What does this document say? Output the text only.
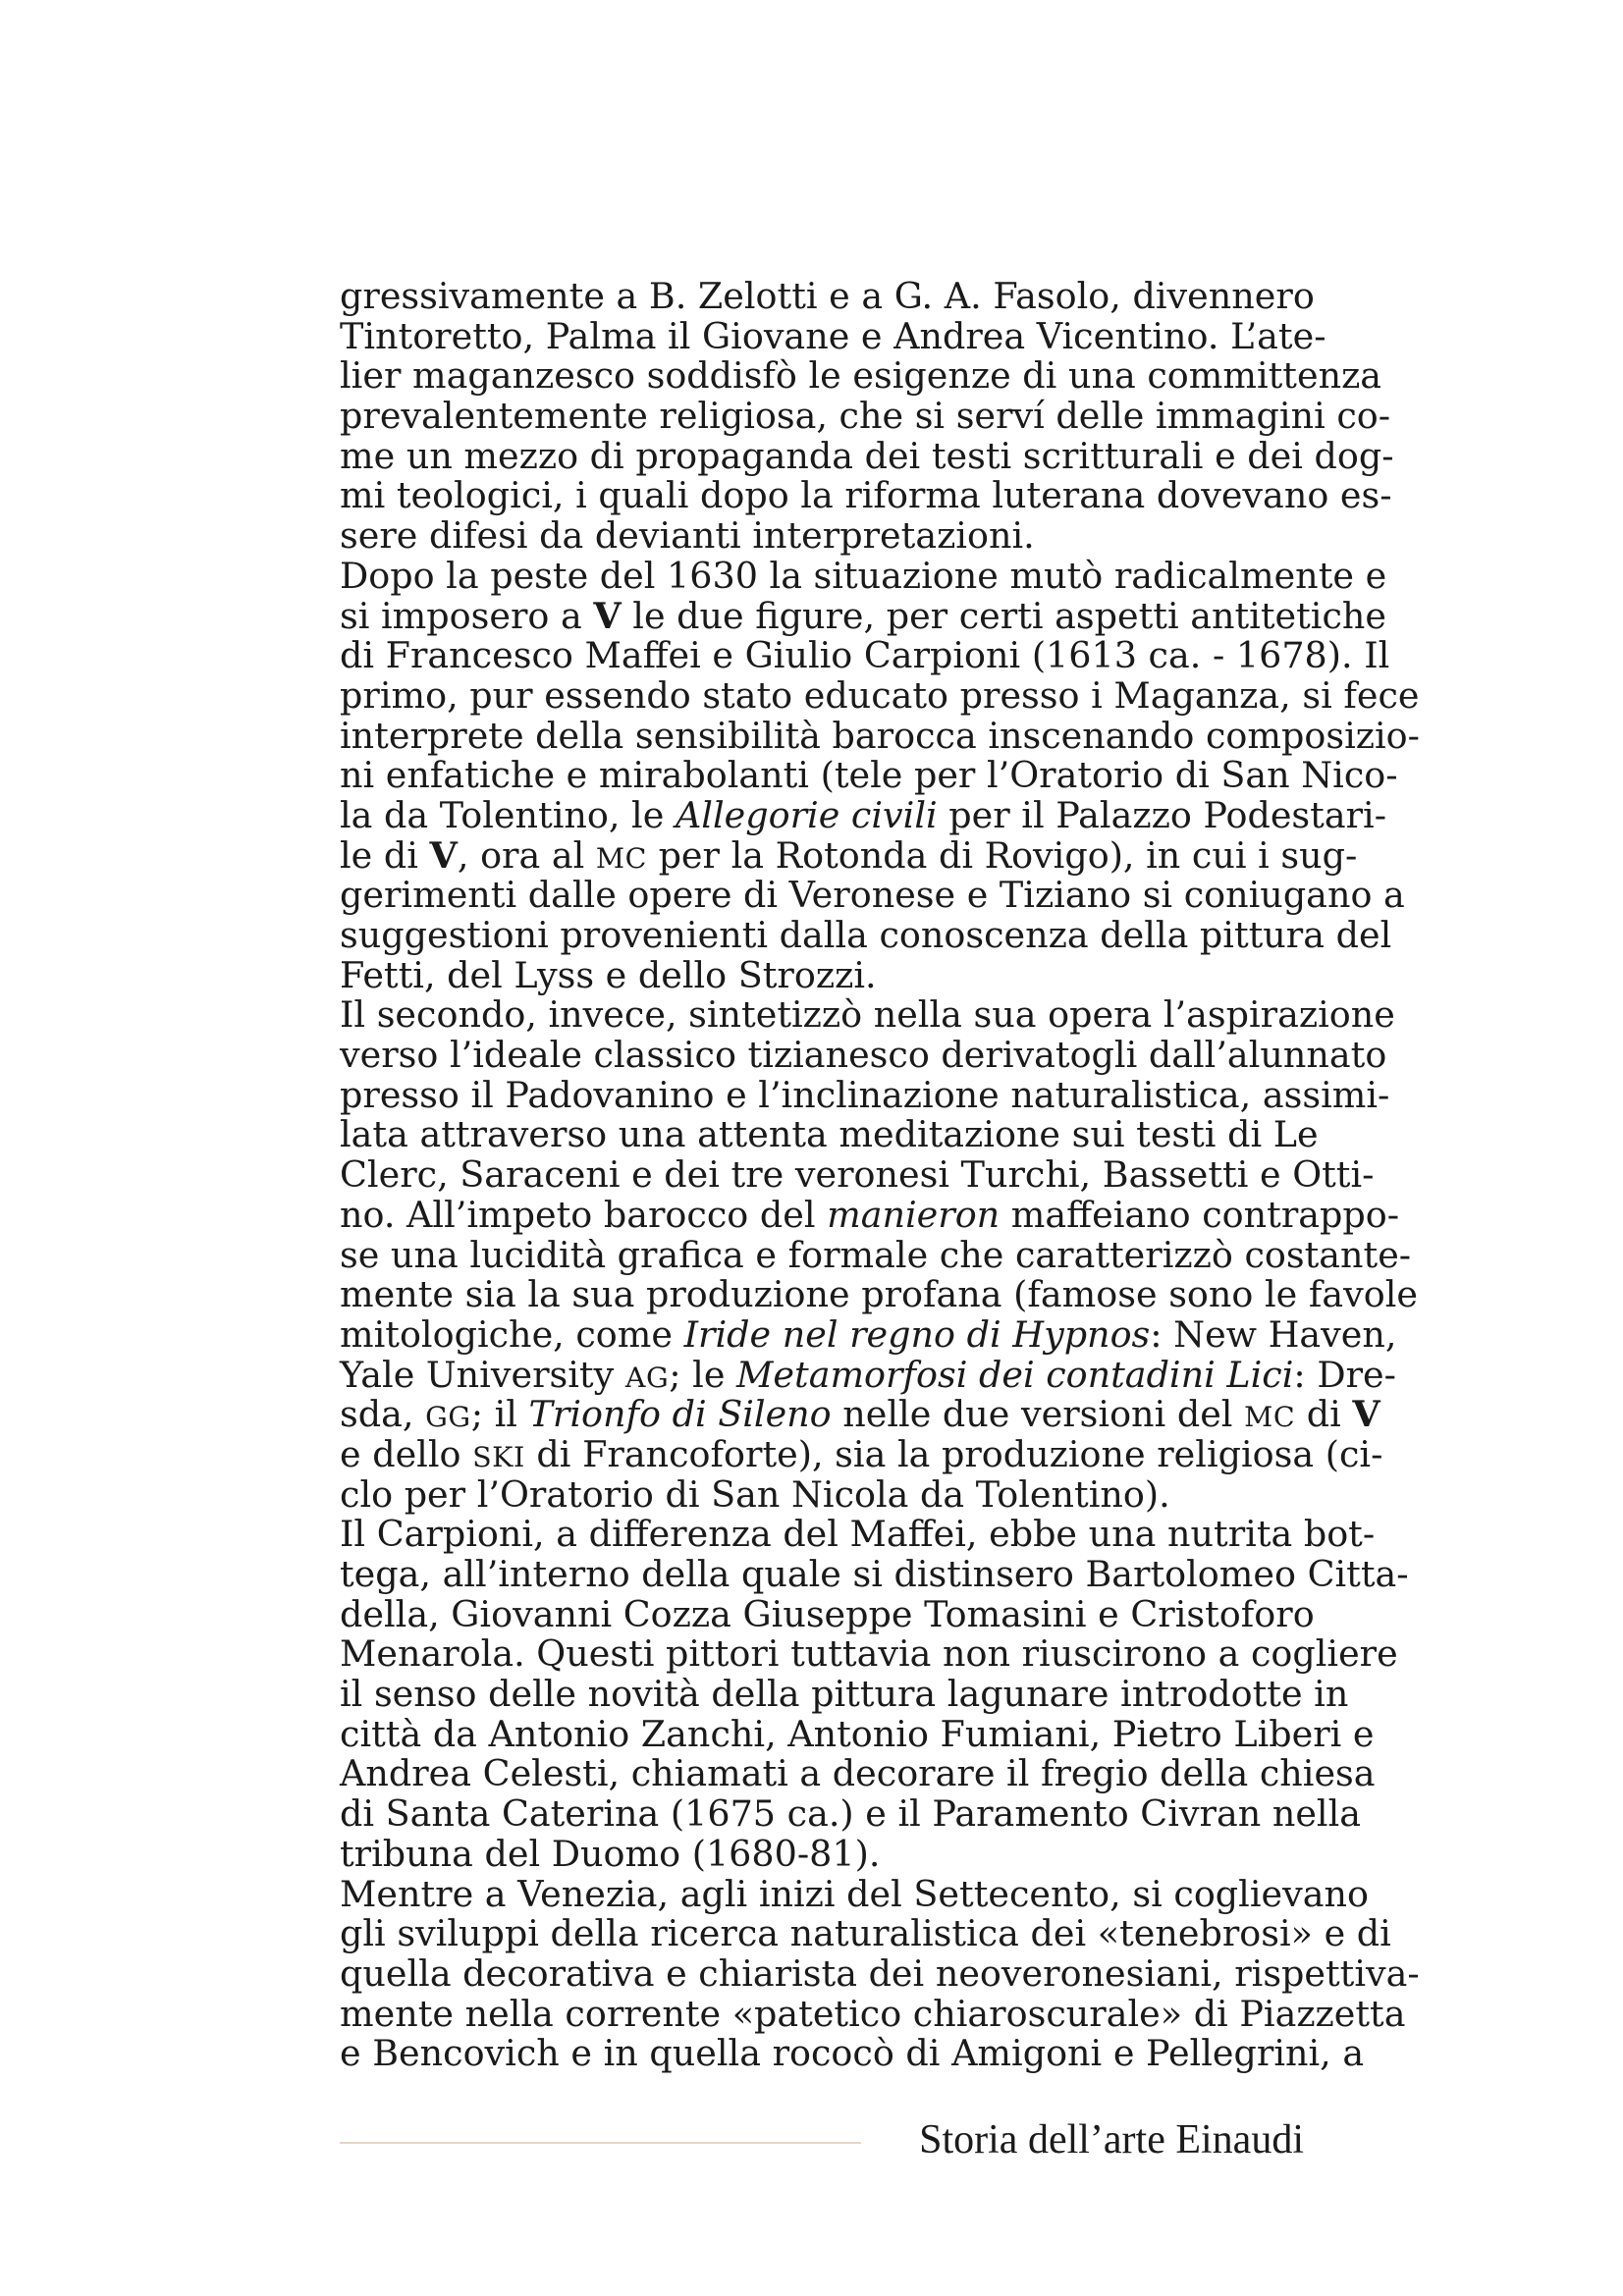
gressivamente a B. Zelotti e a G. A. Fasolo, divennero
Tintoretto, Palma il Giovane e Andrea Vicentino. L’ate-
lier maganzesco soddisfò le esigenze di una committenza
prevalentemente religiosa, che si serví delle immagini co-
me un mezzo di propaganda dei testi scritturali e dei dog-
mi teologici, i quali dopo la riforma luterana dovevano es-
sere difesi da devianti interpretazioni.
Dopo la peste del 1630 la situazione mutò radicalmente e
si imposero a V le due figure, per certi aspetti antitetiche
di Francesco Maffei e Giulio Carpioni (1613 ca. - 1678). Il
primo, pur essendo stato educato presso i Maganza, si fece
interprete della sensibilità barocca inscenando composizio-
ni enfatiche e mirabolanti (tele per l’Oratorio di San Nico-
la da Tolentino, le Allegorie civili per il Palazzo Podestari-
le di V, ora al MC per la Rotonda di Rovigo), in cui i sug-
gerimenti dalle opere di Veronese e Tiziano si coniugano a
suggestioni provenienti dalla conoscenza della pittura del
Fetti, del Lyss e dello Strozzi.
Il secondo, invece, sintetizzò nella sua opera l’aspirazione
verso l’ideale classico tizianesco derivatogli dall’alunnato
presso il Padovanino e l’inclinazione naturalistica, assimi-
lata attraverso una attenta meditazione sui testi di Le
Clerc, Saraceni e dei tre veronesi Turchi, Bassetti e Otti-
no. All’impeto barocco del manieron maffeiano contrappo-
se una lucidità grafica e formale che caratterizzò costante-
mente sia la sua produzione profana (famose sono le favole
mitologiche, come Iride nel regno di Hypnos: New Haven,
Yale University AG; le Metamorfosi dei contadini Lici: Dre-
sda, GG; il Trionfo di Sileno nelle due versioni del MC di V
e dello SKI di Francoforte), sia la produzione religiosa (ci-
clo per l’Oratorio di San Nicola da Tolentino).
Il Carpioni, a differenza del Maffei, ebbe una nutrita bot-
tega, all’interno della quale si distinsero Bartolomeo Citta-
della, Giovanni Cozza Giuseppe Tomasini e Cristoforo
Menarola. Questi pittori tuttavia non riuscirono a cogliere
il senso delle novità della pittura lagunare introdotte in
città da Antonio Zanchi, Antonio Fumiani, Pietro Liberi e
Andrea Celesti, chiamati a decorare il fregio della chiesa
di Santa Caterina (1675 ca.) e il Paramento Civran nella
tribuna del Duomo (1680-81).
Mentre a Venezia, agli inizi del Settecento, si coglievano
gli sviluppi della ricerca naturalistica dei «tenebrosi» e di
quella decorativa e chiarista dei neoveronesiani, rispettiva-
mente nella corrente «patetico chiaroscurale» di Piazzetta
e Bencovich e in quella rococò di Amigoni e Pellegrini, a
Storia dell’arte Einaudi
